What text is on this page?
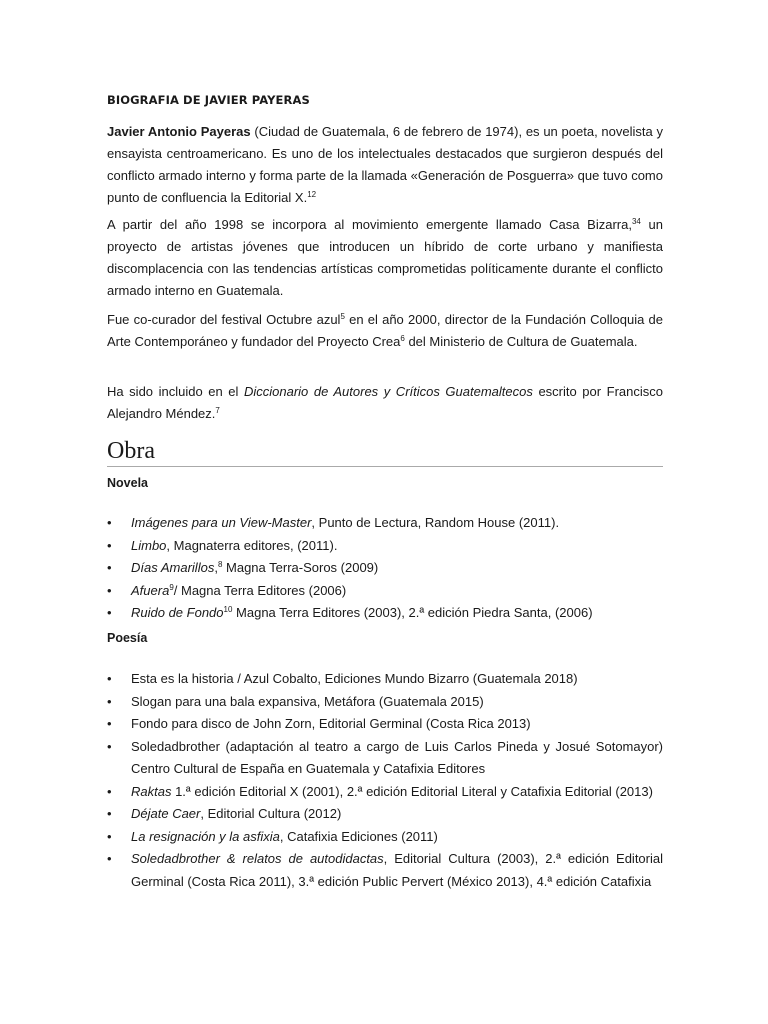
BIOGRAFIA DE JAVIER PAYERAS

Javier Antonio Payeras (Ciudad de Guatemala, 6 de febrero de 1974), es un poeta, novelista y ensayista centroamericano. Es uno de los intelectuales destacados que surgieron después del conflicto armado interno y forma parte de la llamada «Generación de Posguerra» que tuvo como punto de confluencia la Editorial X.$^{12}$

A partir del año 1998 se incorpora al movimiento emergente llamado Casa Bizarra,$^{34}$ un proyecto de artistas jóvenes que introducen un híbrido de corte urbano y manifiesta discomplacencia con las tendencias artísticas comprometidas políticamente durante el conflicto armado interno en Guatemala.

Fue co-curador del festival Octubre azul$^5$ en el año 2000, director de la Fundación Colloquia de Arte Contemporáneo y fundador del Proyecto Crea$^6$ del Ministerio de Cultura de Guatemala.

Ha sido incluido en el Diccionario de Autores y Críticos Guatemaltecos escrito por Francisco Alejandro Méndez.$^7$

Obra
Novela
•	Imágenes para un View-Master, Punto de Lectura, Random House (2011).
•	Limbo, Magnaterra editores, (2011).
•	Días Amarillos,$^8$ Magna Terra-Soros (2009)
•	Afuera$^9$/ Magna Terra Editores (2006)
•	Ruido de Fondo$^{10}$ Magna Terra Editores (2003), 2.ª edición Piedra Santa, (2006)
Poesía
•	Esta es la historia / Azul Cobalto, Ediciones Mundo Bizarro (Guatemala 2018)
•	Slogan para una bala expansiva, Metáfora (Guatemala 2015)
•	Fondo para disco de John Zorn, Editorial Germinal (Costa Rica 2013)
•	Soledadbrother (adaptación al teatro a cargo de Luis Carlos Pineda y Josué Sotomayor) Centro Cultural de España en Guatemala y Catafixia Editores
•	Raktas 1.ª edición Editorial X (2001), 2.ª edición Editorial Literal y Catafixia Editorial (2013)
•	Déjate Caer, Editorial Cultura (2012)
•	La resignación y la asfixia, Catafixia Ediciones (2011)
•	Soledadbrother & relatos de autodidactas, Editorial Cultura (2003), 2.ª edición Editorial Germinal (Costa Rica 2011), 3.ª edición Public Pervert (México 2013), 4.ª edición Catafixia
